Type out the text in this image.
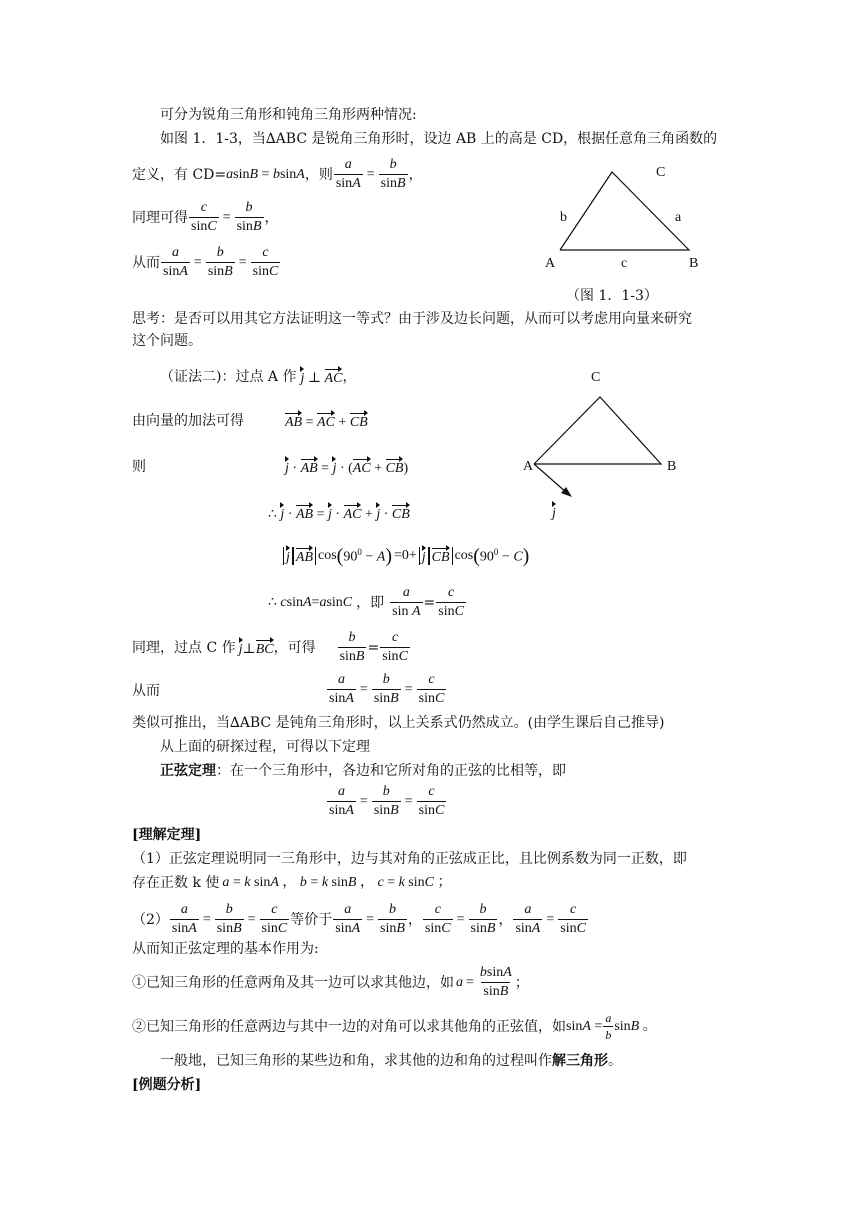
可分为锐角三角形和钝角三角形两种情况:
如图 1．1-3，当∆ABC 是锐角三角形时，设边 AB 上的高是 CD，根据任意角三角函数的
定义，有 CD= asinB = bsinA ，则 $\frac{a}{\sin A} = \frac{b}{\sin B}$ ，
同理可得 $\frac{c}{\sin C} = \frac{b}{\sin B}$ ，
从而 $\frac{a}{\sin A} = \frac{b}{\sin B} = \frac{c}{\sin C}$
C
b	a
A	c	B
（图 1．1-3）
思考：是否可以用其它方法证明这一等式？由于涉及边长问题，从而可以考虑用向量来研究
这个问题。
（证法二)：过点 A 作 j ⊥ AC ，	C
A	B
j
由向量的加法可得	AB = AC + CB
则	j · AB = j · (AC + CB)
∴ j · AB = j · AC + j · CB
j AB cos ( $90^0 - A$ ) =0+ j CB cos ( $90^0 - C$ )
∴ csinA=asinC ，即 $\frac{a}{\text{sin A}} = \frac{c}{\sin C}$
同理，过点 C 作 j⊥BC ，可得 $\frac{b}{\sin B} = \frac{c}{\sin C}$
从而	$\frac{a}{\sin A} = \frac{b}{\sin B} = \frac{c}{\sin C}$
类似可推出，当∆ABC 是钝角三角形时，以上关系式仍然成立。(由学生课后自己推导)
从上面的研探过程，可得以下定理
正弦定理：在一个三角形中，各边和它所对角的正弦的比相等，即
$\frac{a}{\sin A} = \frac{b}{\sin B} = \frac{c}{\sin C}$
[理解定理]
（1）正弦定理说明同一三角形中，边与其对角的正弦成正比，且比例系数为同一正数，即
存在正数 k 使 a = k sinA ， b = k sinB ， c = k sinC ；
$(2) \frac{a}{\sin A} = \frac{b}{\sin B} = \frac{c}{\sin C}$ 等价于 $\frac{a}{\sin A} = \frac{b}{\sin B}$ ， $\frac{c}{\sin C} = \frac{b}{\sin B}$ ， $\frac{a}{\sin A} = \frac{c}{\sin C}$
从而知正弦定理的基本作用为:
①已知三角形的任意两角及其一边可以求其他边，如 $a = \frac{bsinA}{\sin B}$ ；
②已知三角形的任意两边与其中一边的对角可以求其他角的正弦值，如 $\sin A = \frac{a}{b}$ sinB 。
一般地，已知三角形的某些边和角，求其他的边和角的过程叫作解三角形。
[例题分析]
